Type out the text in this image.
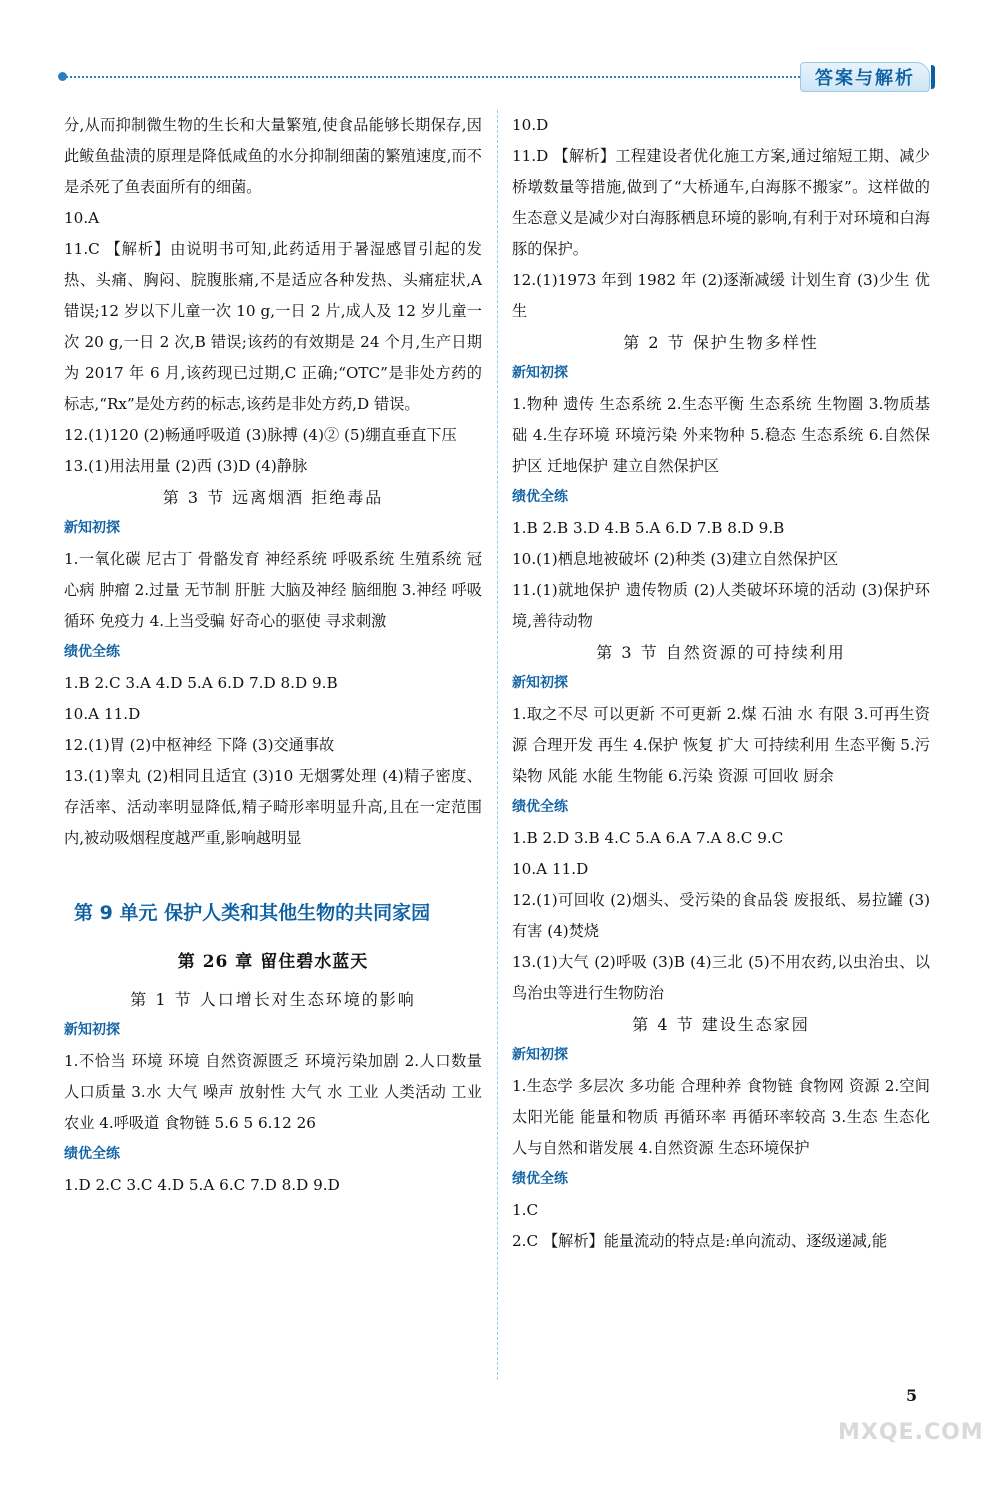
答案与解析
分,从而抑制微生物的生长和大量繁殖,使食品能够长期保存,因此鲅鱼盐渍的原理是降低咸鱼的水分抑制细菌的繁殖速度,而不是杀死了鱼表面所有的细菌。
10.A
11.C 【解析】由说明书可知,此药适用于暑湿感冒引起的发热、头痛、胸闷、脘腹胀痛,不是适应各种发热、头痛症状,A 错误;12 岁以下儿童一次 10 g,一日 2 片,成人及 12 岁儿童一次 20 g,一日 2 次,B 错误;该药的有效期是 24 个月,生产日期为 2017 年 6 月,该药现已过期,C 正确;“OTC”是非处方药的标志,“Rx”是处方药的标志,该药是非处方药,D 错误。
12.(1)120 (2)畅通呼吸道 (3)脉搏 (4)② (5)绷直垂直下压
13.(1)用法用量 (2)西 (3)D (4)静脉
第 3 节 远离烟酒 拒绝毒品
新知初探
1.一氧化碳 尼古丁 骨骼发育 神经系统 呼吸系统 生殖系统 冠心病 肿瘤 2.过量 无节制 肝脏 大脑及神经 脑细胞 3.神经 呼吸 循环 免疫力 4.上当受骗 好奇心的驱使 寻求刺激
绩优全练
1.B 2.C 3.A 4.D 5.A 6.D 7.D 8.D 9.B
10.A 11.D
12.(1)胃 (2)中枢神经 下降 (3)交通事故
13.(1)睾丸 (2)相同且适宜 (3)10 无烟雾处理 (4)精子密度、存活率、活动率明显降低,精子畸形率明显升高,且在一定范围内,被动吸烟程度越严重,影响越明显
第 9 单元 保护人类和其他生物的共同家园
第 26 章 留住碧水蓝天
第 1 节 人口增长对生态环境的影响
新知初探
1.不恰当 环境 环境 自然资源匮乏 环境污染加剧 2.人口数量 人口质量 3.水 大气 噪声 放射性 大气 水 工业 人类活动 工业 农业 4.呼吸道 食物链 5.6 5 6.12 26
绩优全练
1.D 2.C 3.C 4.D 5.A 6.C 7.D 8.D 9.D
10.D
11.D 【解析】工程建设者优化施工方案,通过缩短工期、减少桥墩数量等措施,做到了“大桥通车,白海豚不搬家”。这样做的生态意义是减少对白海豚栖息环境的影响,有利于对环境和白海豚的保护。
12.(1)1973 年到 1982 年 (2)逐渐减缓 计划生育 (3)少生 优生
第 2 节 保护生物多样性
新知初探
1.物种 遗传 生态系统 2.生态平衡 生态系统 生物圈 3.物质基础 4.生存环境 环境污染 外来物种 5.稳态 生态系统 6.自然保护区 迁地保护 建立自然保护区
绩优全练
1.B 2.B 3.D 4.B 5.A 6.D 7.B 8.D 9.B
10.(1)栖息地被破坏 (2)种类 (3)建立自然保护区
11.(1)就地保护 遗传物质 (2)人类破坏环境的活动 (3)保护环境,善待动物
第 3 节 自然资源的可持续利用
新知初探
1.取之不尽 可以更新 不可更新 2.煤 石油 水 有限 3.可再生资源 合理开发 再生 4.保护 恢复 扩大 可持续利用 生态平衡 5.污染物 风能 水能 生物能 6.污染 资源 可回收 厨余
绩优全练
1.B 2.D 3.B 4.C 5.A 6.A 7.A 8.C 9.C
10.A 11.D
12.(1)可回收 (2)烟头、受污染的食品袋 废报纸、易拉罐 (3)有害 (4)焚烧
13.(1)大气 (2)呼吸 (3)B (4)三北 (5)不用农药,以虫治虫、以鸟治虫等进行生物防治
第 4 节 建设生态家园
新知初探
1.生态学 多层次 多功能 合理种养 食物链 食物网 资源 2.空间 太阳光能 能量和物质 再循环率 再循环率较高 3.生态 生态化 人与自然和谐发展 4.自然资源 生态环境保护
绩优全练
1.C
2.C 【解析】能量流动的特点是:单向流动、逐级递减,能
5
MXQE.COM
